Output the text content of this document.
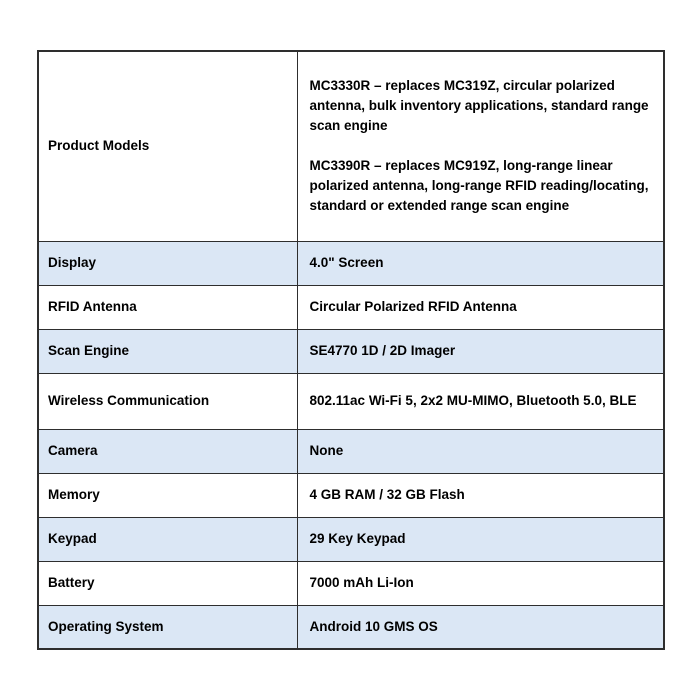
Product Models	MC3330R – replaces MC319Z, circular polarized antenna, bulk inventory applications, standard range scan engine

MC3390R – replaces MC919Z, long-range linear polarized antenna, long-range RFID reading/locating, standard or extended range scan engine

Display	4.0" Screen

RFID Antenna	Circular Polarized RFID Antenna

Scan Engine	SE4770 1D / 2D Imager

Wireless Communication	802.11ac Wi-Fi 5, 2x2 MU-MIMO, Bluetooth 5.0, BLE

Camera	None

Memory	4 GB RAM / 32 GB Flash

Keypad	29 Key Keypad

Battery	7000 mAh Li-Ion

Operating System	Android 10 GMS OS
